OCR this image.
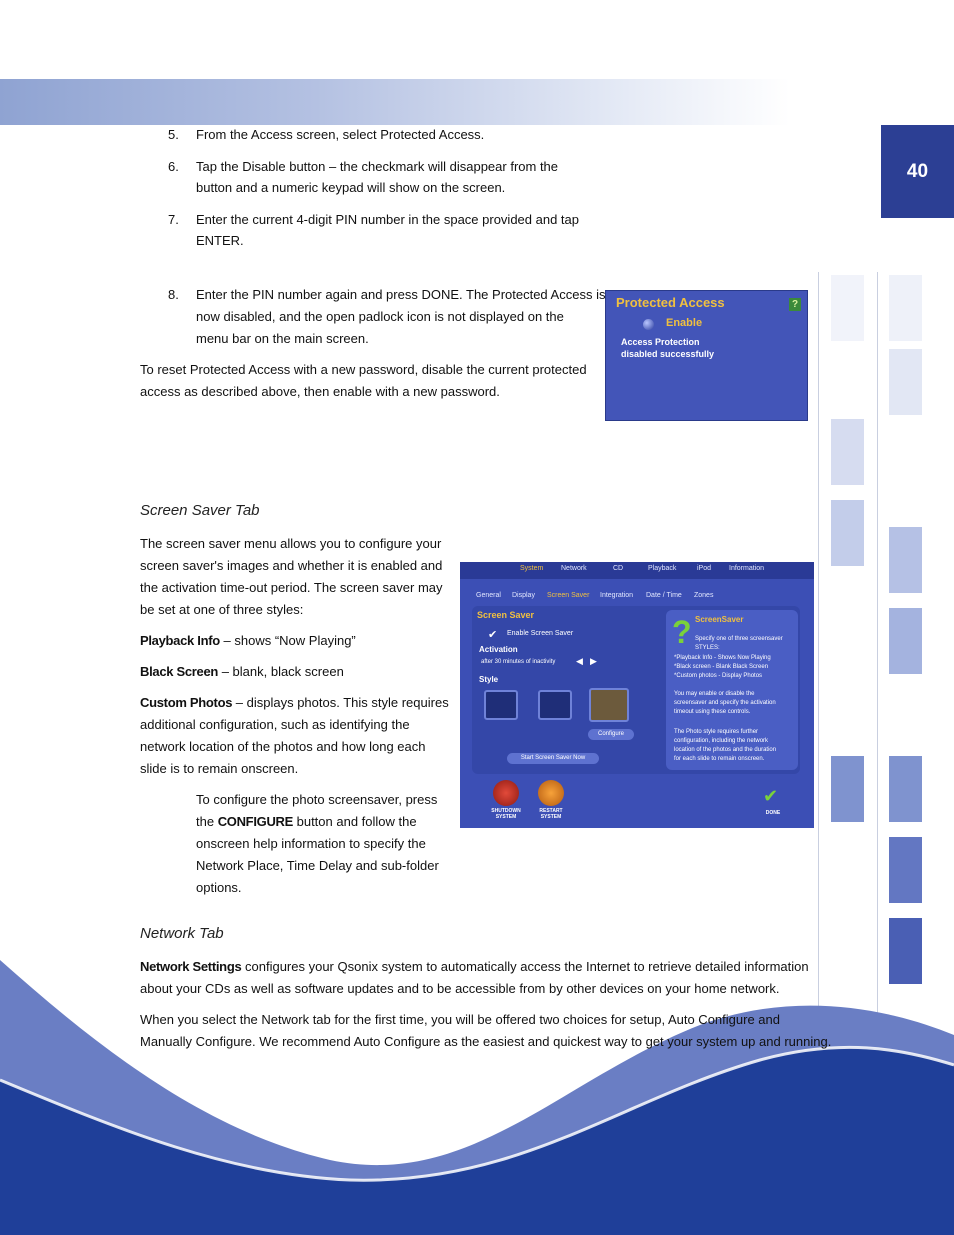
40
5. From the Access screen, select Protected Access.

6. Tap the Disable button – the checkmark will disappear from the

button and a numeric keypad will show on the screen.

7. Enter the current 4-digit PIN number in the space provided and tap

ENTER.

8. Enter the PIN number again and press DONE. The Protected Access is

now disabled, and the open padlock icon is not displayed on the

menu bar on the main screen.

To reset Protected Access with a new password, disable the current protected

access as described above, then enable with a new password.

Protected Access	?
Enable
Access Protection
disabled successfully
Screen Saver Tab

The screen saver menu allows you to configure your

screen saver's images and whether it is enabled and

the activation time-out period. The screen saver may

be set at one of three styles:

Playback Info – shows “Now Playing”

Black Screen – blank, black screen

Custom Photos – displays photos. This style requires

additional configuration, such as identifying the

network location of the photos and how long each

slide is to remain onscreen.

To configure the photo screensaver, press

the CONFIGURE button and follow the

onscreen help information to specify the

Network Place, Time Delay and sub-folder

options.

System	Network	CD	Playback	iPod	Information
General Display Screen Saver Integration Date / Time Zones
Screen Saver
✔ Enable Screen Saver
Activation
after 30 minutes of inactivity ◀ ▶
Style
Configure
Start Screen Saver Now
? ScreenSaver
Specify one of three screensaver
STYLES:
*Playback Info - Shows Now Playing
*Black screen - Blank Black Screen
*Custom photos - Display Photos
You may enable or disable the
screensaver and specify the activation
timeout using these controls.
The Photo style requires further
configuration, including the network
location of the photos and the duration
for each slide to remain onscreen.
SHUTDOWN SYSTEM
RESTART SYSTEM
✔
DONE
Network Tab

Network Settings configures your Qsonix system to automatically access the Internet to retrieve detailed information

about your CDs as well as software updates and to be accessible from by other devices on your home network.

When you select the Network tab for the first time, you will be offered two choices for setup, Auto Configure and

Manually Configure. We recommend Auto Configure as the easiest and quickest way to get your system up and running.
